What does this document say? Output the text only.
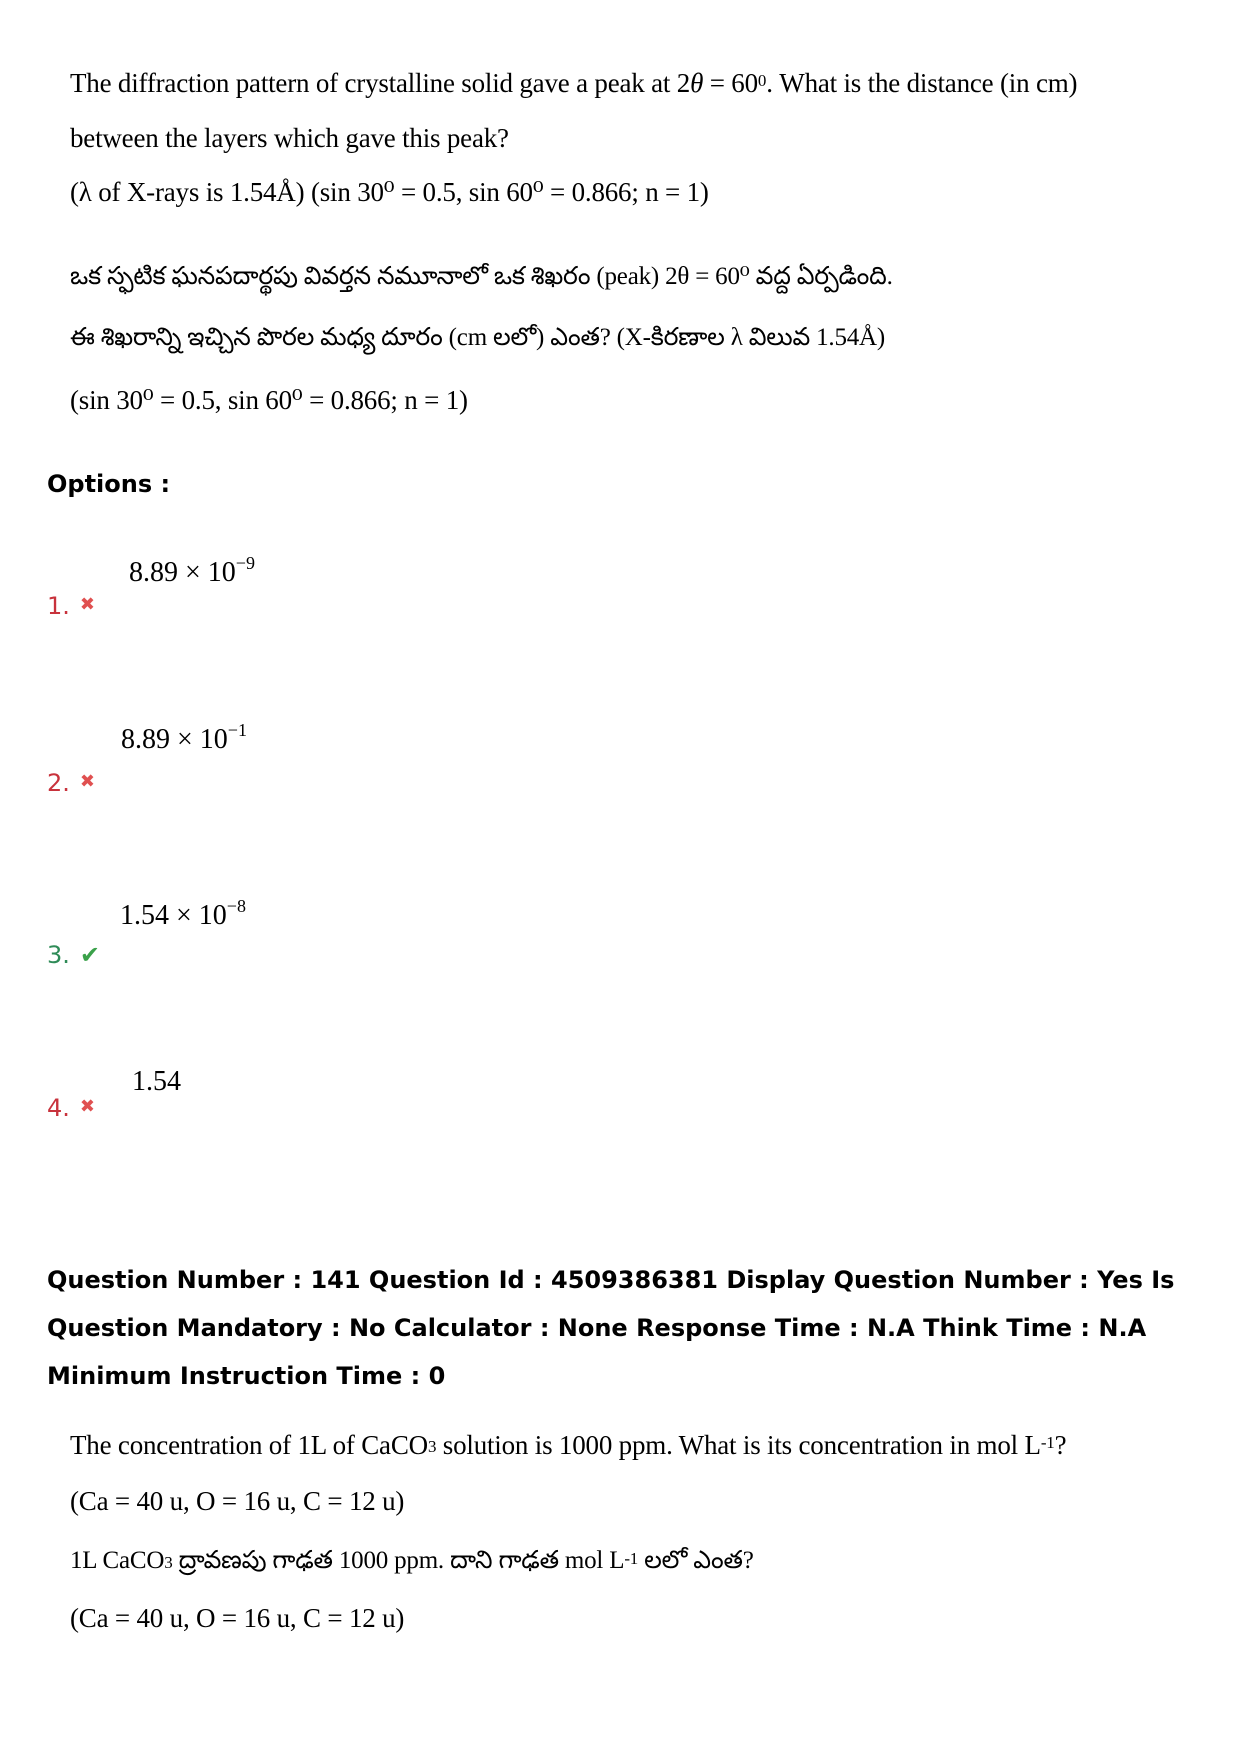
The diffraction pattern of crystalline solid gave a peak at $2\theta = 60^0$. What is the distance (in cm)
between the layers which gave this peak?
(λ of X-rays is 1.54Å) (sin 30⁰ = 0.5, sin 60⁰ = 0.866; n = 1)
ఒక స్ఫటిక ఘనపదార్థపు వివర్తన నమూనాలో ఒక శిఖరం (peak) 2θ = 60⁰ వద్ద ఏర్పడింది.
ఈ శిఖరాన్ని ఇచ్చిన పొరల మధ్య దూరం (cm లలో) ఎంత? (X-కిరణాల λ విలువ 1.54Å)
(sin 30⁰ = 0.5, sin 60⁰ = 0.866; n = 1)
Options :
$8.89 \times 10^{-9}$
1. ✖
$8.89 \times 10^{-1}$
2. ✖
$1.54 \times 10^{-8}$
3. ✔
1.54
4. ✖
Question Number : 141 Question Id : 4509386381 Display Question Number : Yes Is Question Mandatory : No Calculator : None Response Time : N.A Think Time : N.A Minimum Instruction Time : 0
The concentration of 1L of CaCO$_3$ solution is 1000 ppm. What is its concentration in mol $L^{-1}$?
(Ca = 40 u, O = 16 u, C = 12 u)
1L CaCO$_3$ ద్రావణపు గాఢత 1000 ppm. దాని గాఢత mol $L^{-1}$ లలో ఎంత?
(Ca = 40 u, O = 16 u, C = 12 u)
